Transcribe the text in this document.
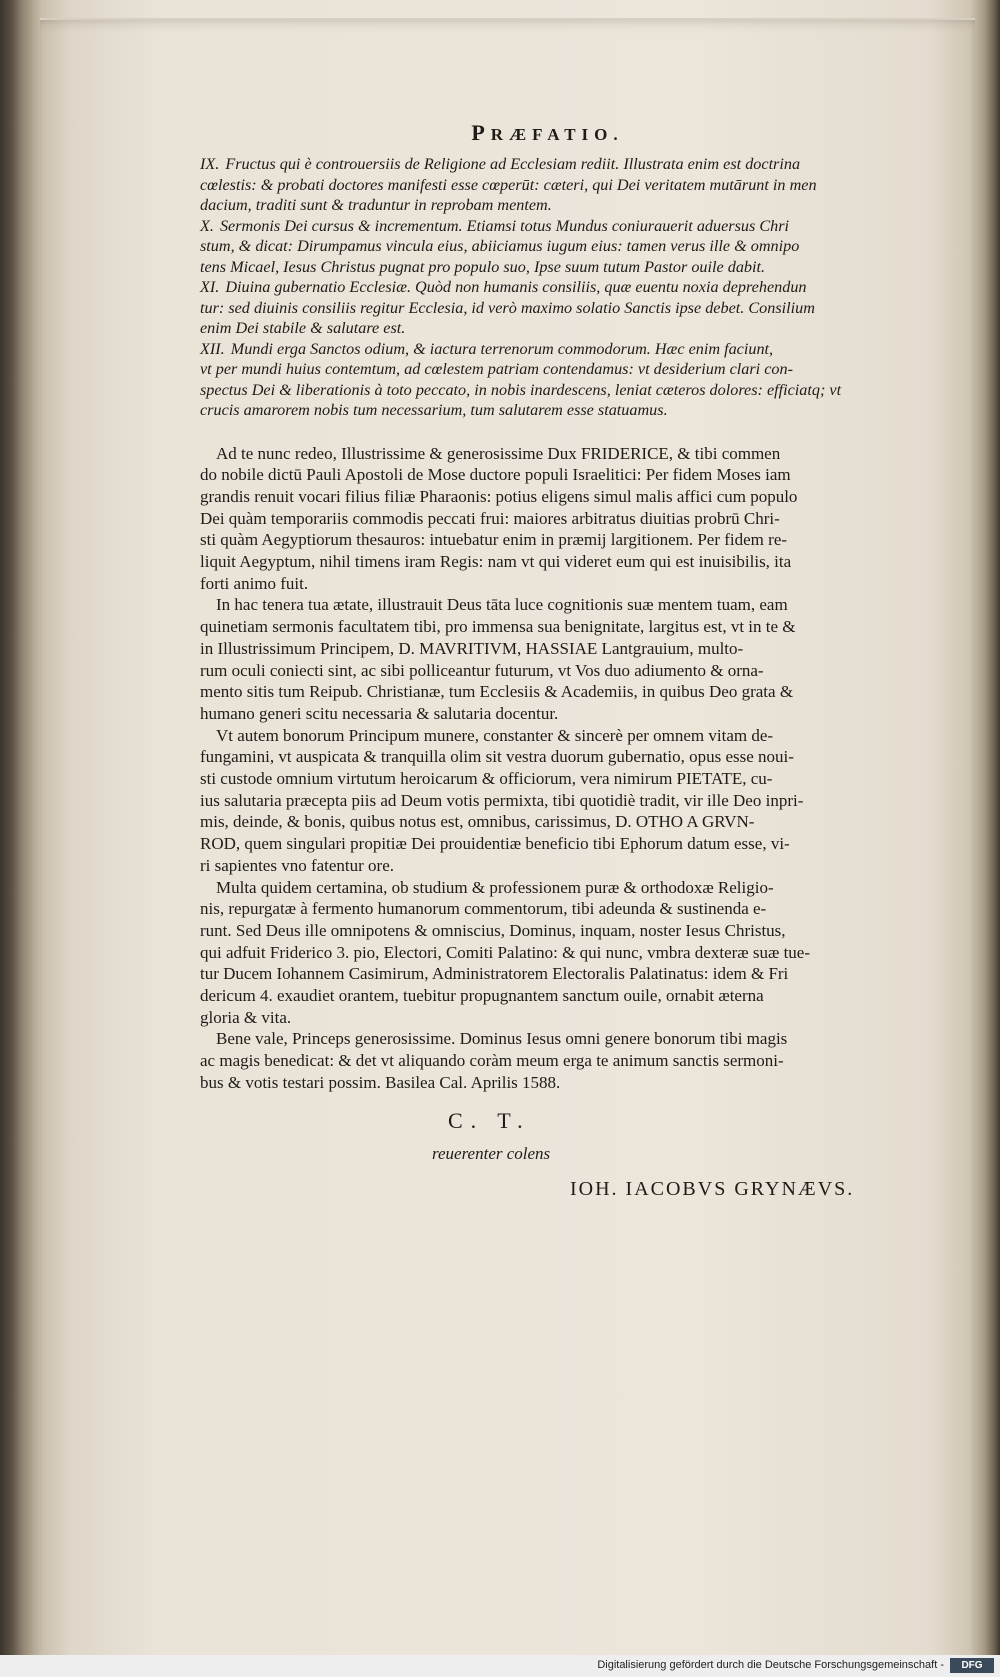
PRÆFATIO.

IX. Fructus qui è controuersiis de Religione ad Ecclesiam rediit. Illustrata enim est doctrina
cœlestis: & probati doctores manifesti esse cœperūt: cæteri, qui Dei veritatem mutārunt in men
dacium, traditi sunt & traduntur in reprobam mentem.

X. Sermonis Dei cursus & incrementum. Etiamsi totus Mundus coniurauerit aduersus Chri
stum, & dicat: Dirumpamus vincula eius, abiiciamus iugum eius: tamen verus ille & omnipo
tens Micael, Iesus Christus pugnat pro populo suo, Ipse suum tutum Pastor ouile dabit.

XI. Diuina gubernatio Ecclesiæ. Quòd non humanis consiliis, quæ euentu noxia deprehendun
tur: sed diuinis consiliis regitur Ecclesia, id verò maximo solatio Sanctis ipse debet. Consilium
enim Dei stabile & salutare est.

XII. Mundi erga Sanctos odium, & iactura terrenorum commodorum. Hæc enim faciunt,
vt per mundi huius contemtum, ad cœlestem patriam contendamus: vt desiderium clari con-
spectus Dei & liberationis à toto peccato, in nobis inardescens, leniat cæteros dolores: efficiatq; vt
crucis amarorem nobis tum necessarium, tum salutarem esse statuamus.

Ad te nunc redeo, Illustrissime & generosissime Dux FRIDERICE, & tibi commen
do nobile dictū Pauli Apostoli de Mose ductore populi Israelitici: Per fidem Moses iam
grandis renuit vocari filius filiæ Pharaonis: potius eligens simul malis affici cum populo
Dei quàm temporariis commodis peccati frui: maiores arbitratus diuitias probrū Chri-
sti quàm Aegyptiorum thesauros: intuebatur enim in præmij largitionem. Per fidem re-
liquit Aegyptum, nihil timens iram Regis: nam vt qui videret eum qui est inuisibilis, ita
forti animo fuit.

In hac tenera tua ætate, illustrauit Deus tāta luce cognitionis suæ mentem tuam, eam
quinetiam sermonis facultatem tibi, pro immensa sua benignitate, largitus est, vt in te &
in Illustrissimum Principem, D. MAVRITIVM, HASSIAE Lantgrauium, multo-
rum oculi coniecti sint, ac sibi polliceantur futurum, vt Vos duo adiumento & orna-
mento sitis tum Reipub. Christianæ, tum Ecclesiis & Academiis, in quibus Deo grata &
humano generi scitu necessaria & salutaria docentur.

Vt autem bonorum Principum munere, constanter & sincerè per omnem vitam de-
fungamini, vt auspicata & tranquilla olim sit vestra duorum gubernatio, opus esse noui-
sti custode omnium virtutum heroicarum & officiorum, vera nimirum PIETATE, cu-
ius salutaria præcepta piis ad Deum votis permixta, tibi quotidiè tradit, vir ille Deo inpri-
mis, deinde, & bonis, quibus notus est, omnibus, carissimus, D. OTHO A GRVN-
ROD, quem singulari propitiæ Dei prouidentiæ beneficio tibi Ephorum datum esse, vi-
ri sapientes vno fatentur ore.

Multa quidem certamina, ob studium & professionem puræ & orthodoxæ Religio-
nis, repurgatæ à fermento humanorum commentorum, tibi adeunda & sustinenda e-
runt. Sed Deus ille omnipotens & omniscius, Dominus, inquam, noster Iesus Christus,
qui adfuit Friderico 3. pio, Electori, Comiti Palatino: & qui nunc, vmbra dexteræ suæ tue-
tur Ducem Iohannem Casimirum, Administratorem Electoralis Palatinatus: idem & Fri
dericum 4. exaudiet orantem, tuebitur propugnantem sanctum ouile, ornabit æterna
gloria & vita.

Bene vale, Princeps generosissime. Dominus Iesus omni genere bonorum tibi magis
ac magis benedicat: & det vt aliquando coràm meum erga te animum sanctis sermoni-
bus & votis testari possim. Basilea Cal. Aprilis 1588.

C. T.
reuerenter colens
IOH. IACOBVS GRYNÆVS.
Digitalisierung gefördert durch die Deutsche Forschungsgemeinschaft -	DFG
